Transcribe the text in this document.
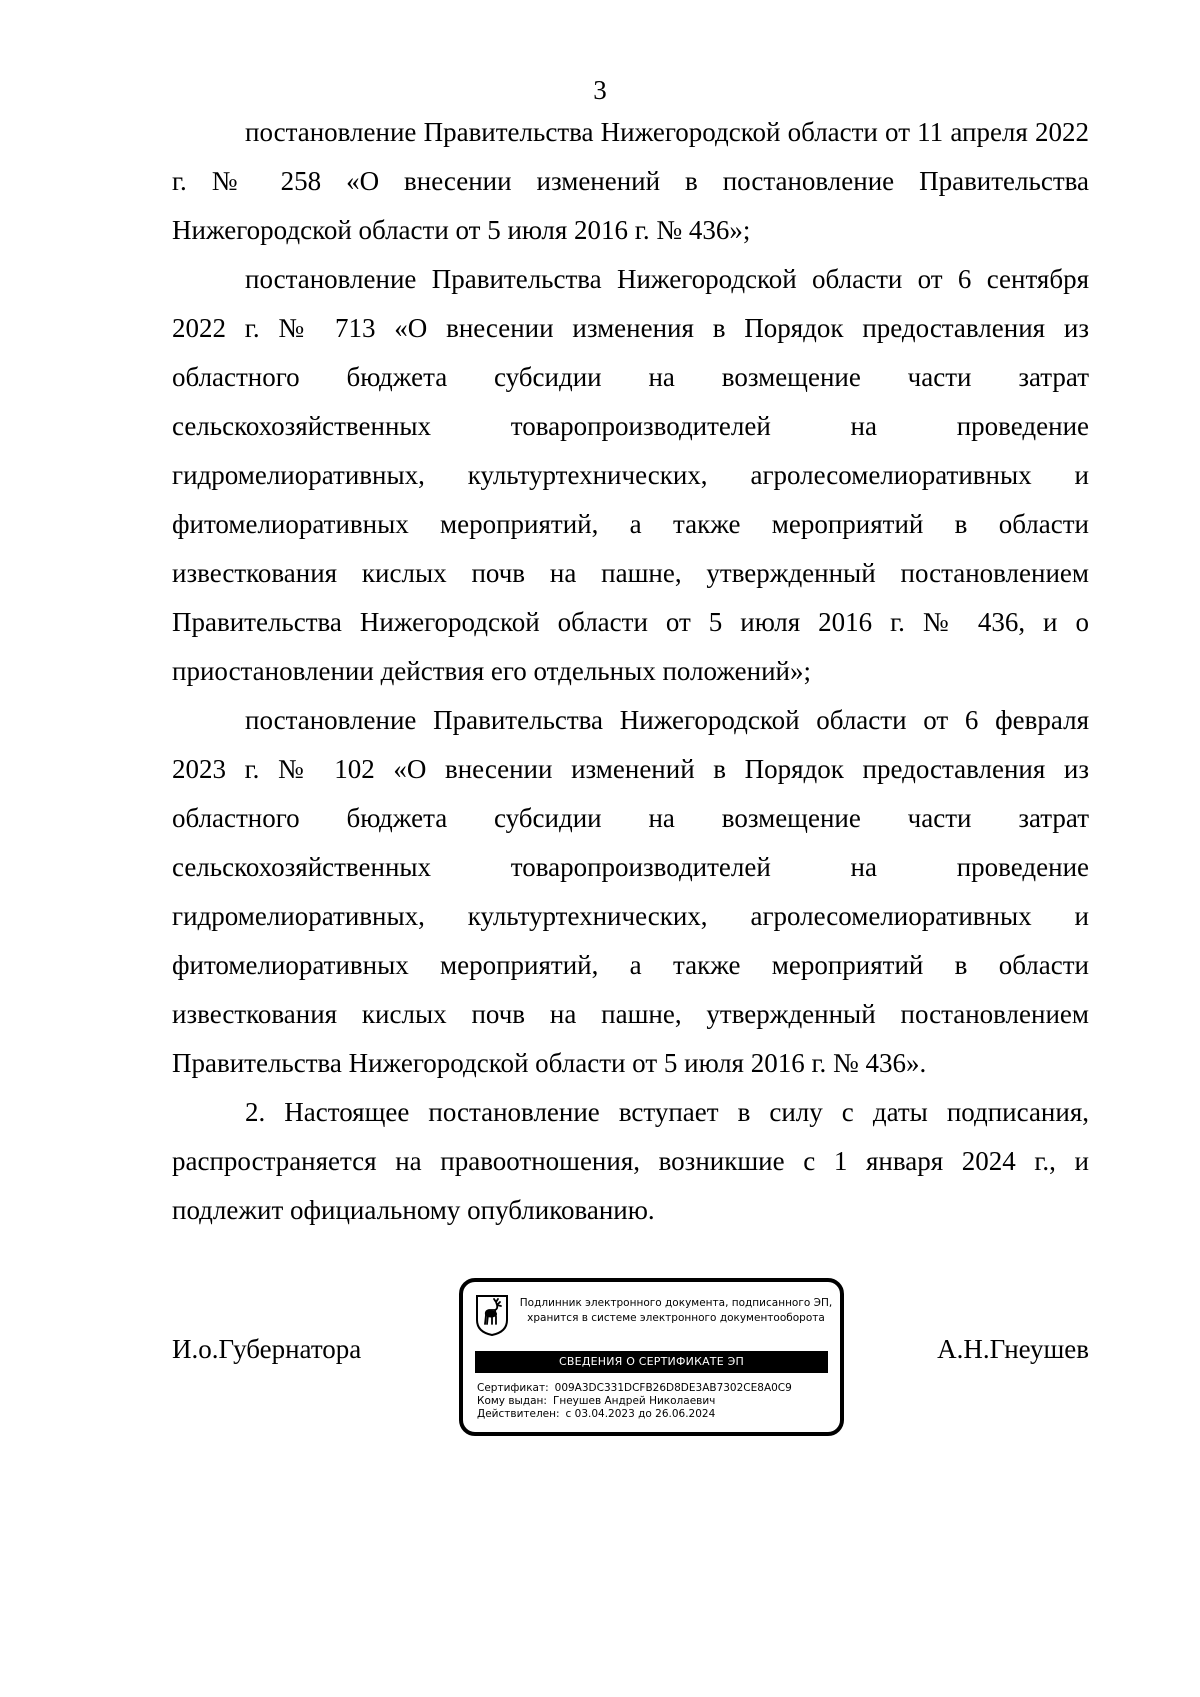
3

постановление Правительства Нижегородской области от 11 апреля 2022 г. № 258 «О внесении изменений в постановление Правительства Нижегородской области от 5 июля 2016 г. № 436»;

постановление Правительства Нижегородской области от 6 сентября 2022 г. № 713 «О внесении изменения в Порядок предоставления из областного бюджета субсидии на возмещение части затрат сельскохозяйственных товаропроизводителей на проведение гидромелиоративных, культуртехнических, агролесомелиоративных и фитомелиоративных мероприятий, а также мероприятий в области известкования кислых почв на пашне, утвержденный постановлением Правительства Нижегородской области от 5 июля 2016 г. № 436, и о приостановлении действия его отдельных положений»;

постановление Правительства Нижегородской области от 6 февраля 2023 г. № 102 «О внесении изменений в Порядок предоставления из областного бюджета субсидии на возмещение части затрат сельскохозяйственных товаропроизводителей на проведение гидромелиоративных, культуртехнических, агролесомелиоративных и фитомелиоративных мероприятий, а также мероприятий в области известкования кислых почв на пашне, утвержденный постановлением Правительства Нижегородской области от 5 июля 2016 г. № 436».

2. Настоящее постановление вступает в силу с даты подписания, распространяется на правоотношения, возникшие с 1 января 2024 г., и подлежит официальному опубликованию.

И.о.Губернатора
Подлинник электронного документа, подписанного ЭП,
хранится в системе электронного документооборота
СВЕДЕНИЯ О СЕРТИФИКАТЕ ЭП
Сертификат: 009A3DC331DCFB26D8DE3AB7302CE8A0C9
Кому выдан: Гнеушев Андрей Николаевич
Действителен: с 03.04.2023 до 26.06.2024
А.Н.Гнеушев
